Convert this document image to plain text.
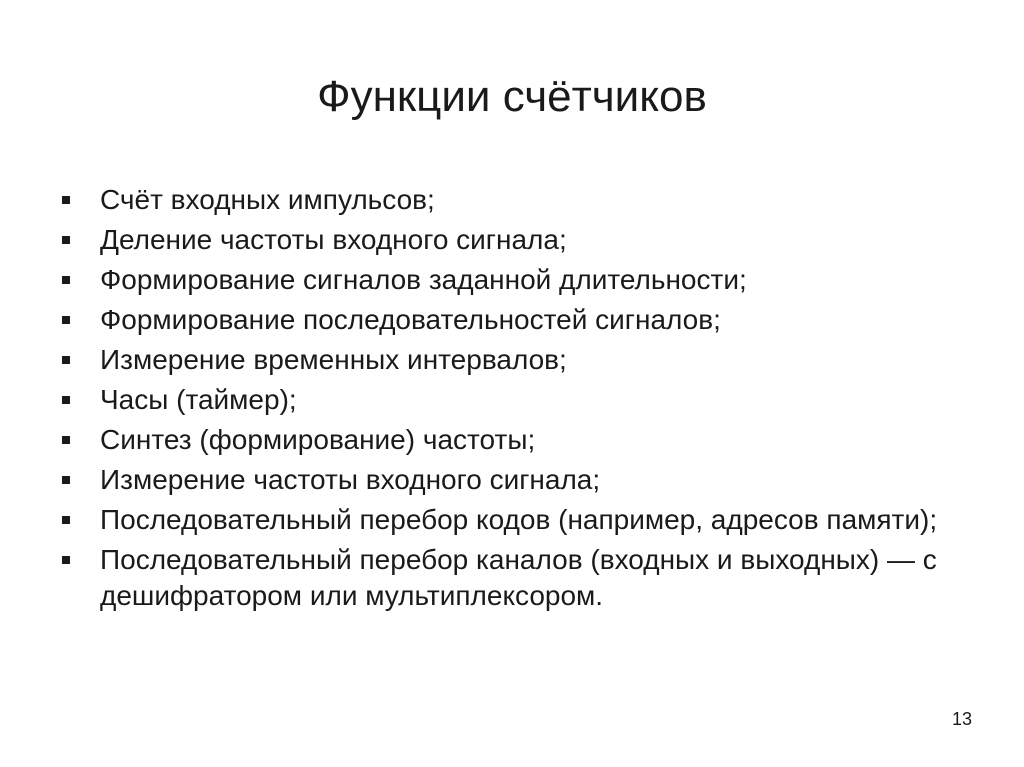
Функции счётчиков
Счёт входных импульсов;
Деление частоты входного сигнала;
Формирование сигналов заданной длительности;
Формирование последовательностей сигналов;
Измерение временных интервалов;
Часы (таймер);
Синтез (формирование) частоты;
Измерение частоты входного сигнала;
Последовательный перебор кодов (например, адресов памяти);
Последовательный перебор каналов (входных и выходных) — с дешифратором или мультиплексором.
13
